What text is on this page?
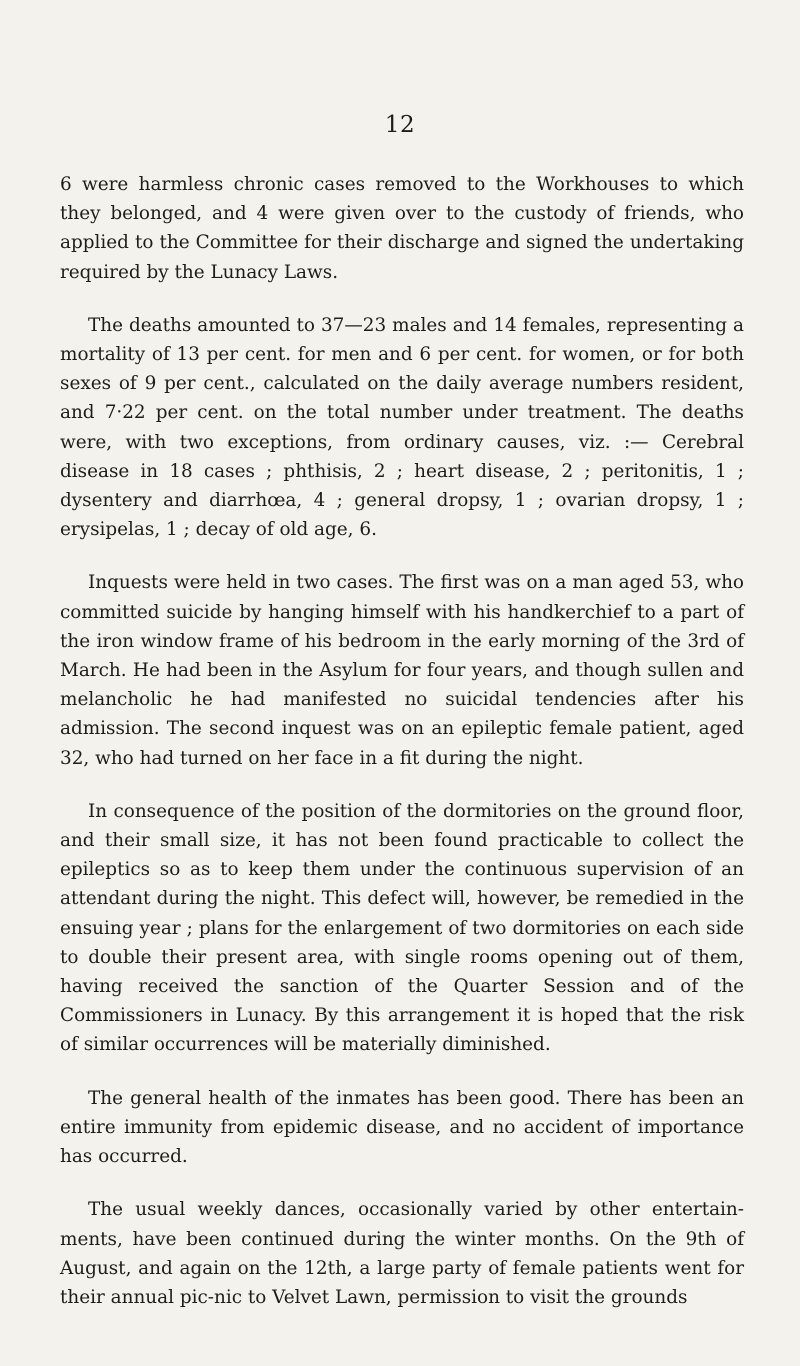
12

6 were harmless chronic cases removed to the Workhouses to which they belonged, and 4 were given over to the custody of friends, who applied to the Committee for their discharge and signed the undertaking required by the Lunacy Laws.

The deaths amounted to 37—23 males and 14 females, representing a mortality of 13 per cent. for men and 6 per cent. for women, or for both sexes of 9 per cent., calculated on the daily average numbers resident, and 7·22 per cent. on the total number under treatment. The deaths were, with two exceptions, from ordinary causes, viz. :— Cerebral disease in 18 cases ; phthisis, 2 ; heart disease, 2 ; peritonitis, 1 ; dysentery and diarrhœa, 4 ; general dropsy, 1 ; ovarian dropsy, 1 ; erysipelas, 1 ; decay of old age, 6.

Inquests were held in two cases. The first was on a man aged 53, who committed suicide by hanging himself with his handkerchief to a part of the iron window frame of his bedroom in the early morning of the 3rd of March. He had been in the Asylum for four years, and though sullen and melancholic he had manifested no suicidal tendencies after his admission. The second inquest was on an epileptic female patient, aged 32, who had turned on her face in a fit during the night.

In consequence of the position of the dormitories on the ground floor, and their small size, it has not been found practicable to collect the epileptics so as to keep them under the continuous supervision of an attendant during the night. This defect will, however, be remedied in the ensuing year ; plans for the enlargement of two dormitories on each side to double their present area, with single rooms opening out of them, having received the sanction of the Quarter Session and of the Commissioners in Lunacy. By this arrangement it is hoped that the risk of similar occurrences will be materially diminished.

The general health of the inmates has been good. There has been an entire immunity from epidemic disease, and no accident of importance has occurred.

The usual weekly dances, occasionally varied by other entertainments, have been continued during the winter months. On the 9th of August, and again on the 12th, a large party of female patients went for their annual pic-nic to Velvet Lawn, permission to visit the grounds
